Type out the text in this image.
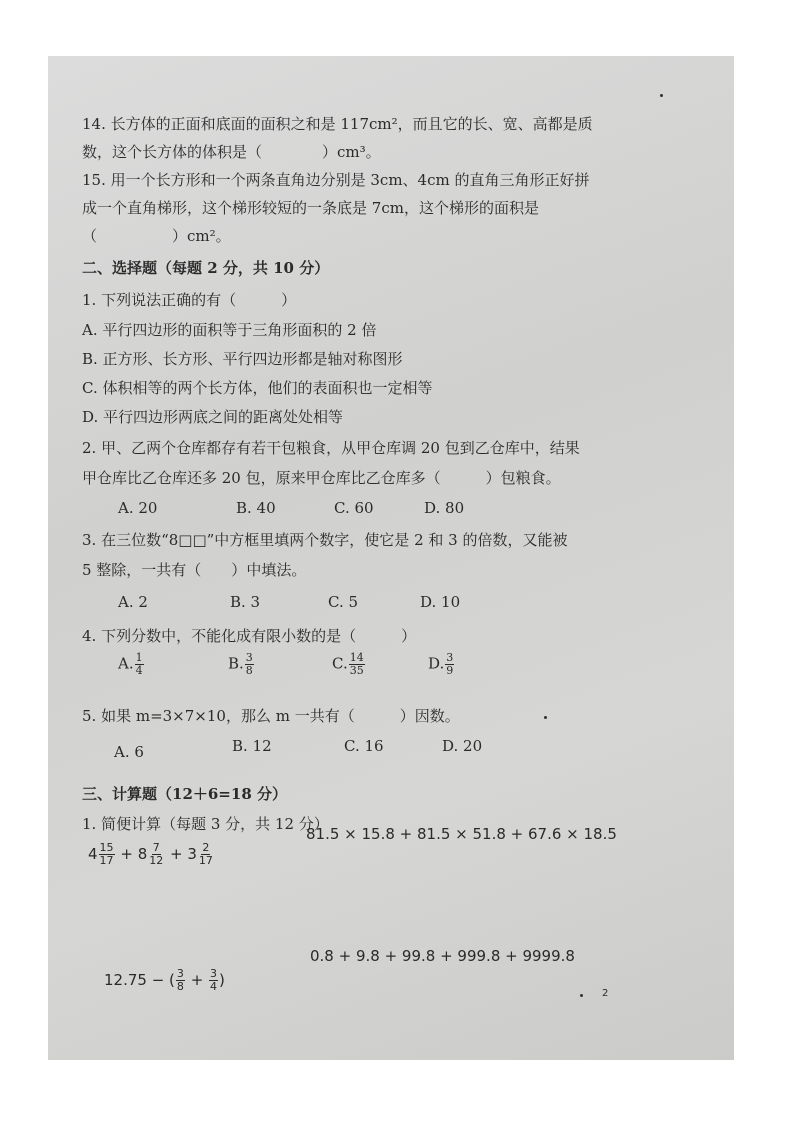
14. 长方体的正面和底面的面积之和是 117cm²，而且它的长、宽、高都是质
数，这个长方体的体积是（　　　　）cm³。
15. 用一个长方形和一个两条直角边分别是 3cm、4cm 的直角三角形正好拼
成一个直角梯形，这个梯形较短的一条底是 7cm，这个梯形的面积是
（　　　　　）cm²。
二、选择题（每题 2 分，共 10 分）
1. 下列说法正确的有（　　　）
A. 平行四边形的面积等于三角形面积的 2 倍
B. 正方形、长方形、平行四边形都是轴对称图形
C. 体积相等的两个长方体，他们的表面积也一定相等
D. 平行四边形两底之间的距离处处相等
2. 甲、乙两个仓库都存有若干包粮食，从甲仓库调 20 包到乙仓库中，结果
甲仓库比乙仓库还多 20 包，原来甲仓库比乙仓库多（　　　）包粮食。
A. 20	B. 40	C. 60	D. 80
3. 在三位数“8□□”中方框里填两个数字，使它是 2 和 3 的倍数，又能被
5 整除，一共有（　　）中填法。
A. 2	B. 3	C. 5	D. 10
4. 下列分数中，不能化成有限小数的是（　　　）
A. $\frac{1}{4}$	B. $\frac{3}{8}$	C. $\frac{14}{35}$	D. $\frac{3}{9}$
5. 如果 m=3×7×10，那么 m 一共有（　　　）因数。
A. 6	B. 12	C. 16	D. 20
三、计算题（12＋6=18 分）
1. 简便计算（每题 3 分，共 12 分）
81.5 × 15.8 + 81.5 × 51.8 + 67.6 × 18.5
$4 \frac{15}{17} + 8 \frac{7}{12} + 3 \frac{2}{17}$
0.8 + 9.8 + 99.8 + 999.8 + 9999.8
12.75 − ( $\frac{3}{8} + \frac{3}{4}$ )
2
